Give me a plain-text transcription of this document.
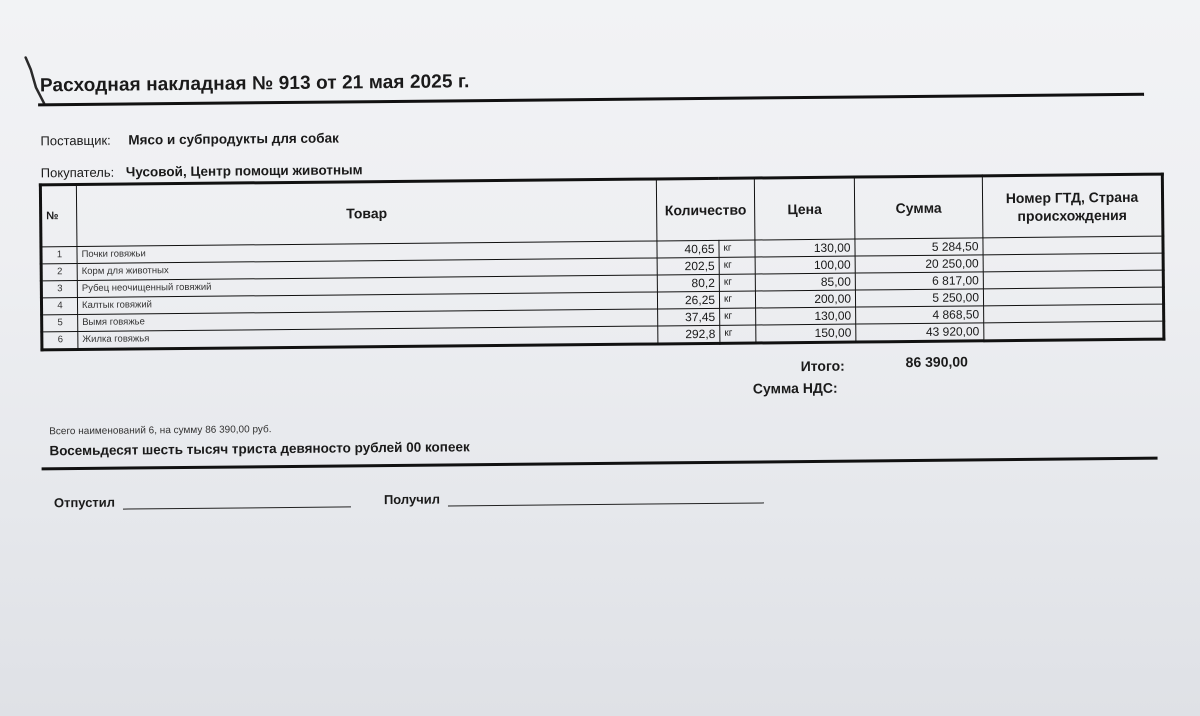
Расходная накладная № 913 от 21 мая 2025 г.
Поставщик: Мясо и субпродукты для собак
Покупатель: Чусовой, Центр помощи животным
№	Товар	Количество		Цена	Сумма	Номер ГТД, Страна происхождения
1	Почки говяжьи	40,65	кг	130,00	5 284,50	
2	Корм для животных	202,5	кг	100,00	20 250,00	
3	Рубец неочищенный говяжий	80,2	кг	85,00	6 817,00	
4	Калтык говяжий	26,25	кг	200,00	5 250,00	
5	Вымя говяжье	37,45	кг	130,00	4 868,50	
6	Жилка говяжья	292,8	кг	150,00	43 920,00	
Итого:	86 390,00
Сумма НДС:
Всего наименований 6, на сумму 86 390,00 руб.
Восемьдесят шесть тысяч триста девяносто рублей 00 копеек
Отпустил	Получил
